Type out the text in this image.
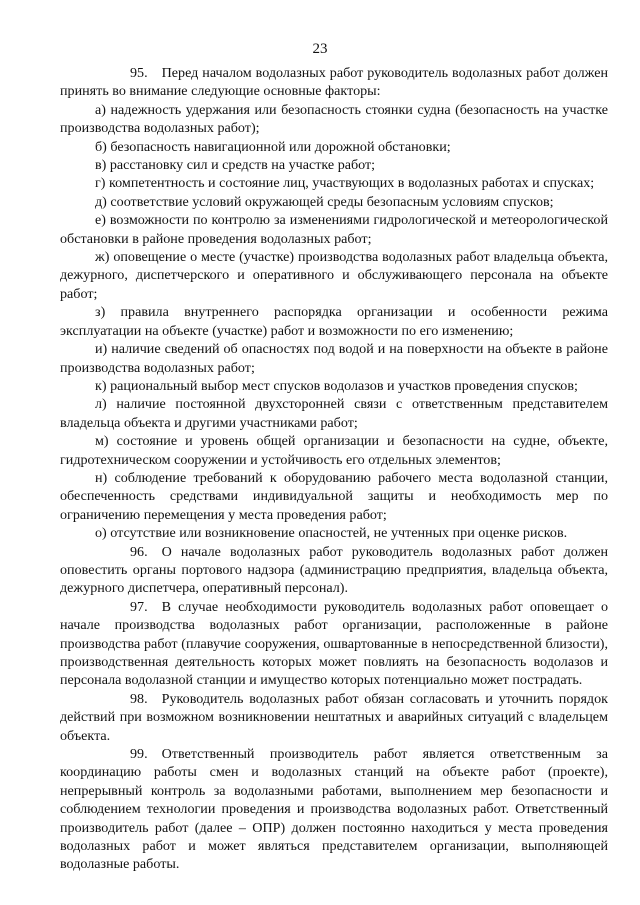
23

95. Перед началом водолазных работ руководитель водолазных работ должен принять во внимание следующие основные факторы:

а) надежность удержания или безопасность стоянки судна (безопасность на участке производства водолазных работ);

б) безопасность навигационной или дорожной обстановки;

в) расстановку сил и средств на участке работ;

г) компетентность и состояние лиц, участвующих в водолазных работах и спусках;

д) соответствие условий окружающей среды безопасным условиям спусков;

е) возможности по контролю за изменениями гидрологической и метеорологической обстановки в районе проведения водолазных работ;

ж) оповещение о месте (участке) производства водолазных работ владельца объекта, дежурного, диспетчерского и оперативного и обслуживающего персонала на объекте работ;

з) правила внутреннего распорядка организации и особенности режима эксплуатации на объекте (участке) работ и возможности по его изменению;

и) наличие сведений об опасностях под водой и на поверхности на объекте в районе производства водолазных работ;

к) рациональный выбор мест спусков водолазов и участков проведения спусков;

л) наличие постоянной двухсторонней связи с ответственным представителем владельца объекта и другими участниками работ;

м) состояние и уровень общей организации и безопасности на судне, объекте, гидротехническом сооружении и устойчивость его отдельных элементов;

н) соблюдение требований к оборудованию рабочего места водолазной станции, обеспеченность средствами индивидуальной защиты и необходимость мер по ограничению перемещения у места проведения работ;

о) отсутствие или возникновение опасностей, не учтенных при оценке рисков.

96. О начале водолазных работ руководитель водолазных работ должен оповестить органы портового надзора (администрацию предприятия, владельца объекта, дежурного диспетчера, оперативный персонал).

97. В случае необходимости руководитель водолазных работ оповещает о начале производства водолазных работ организации, расположенные в районе производства работ (плавучие сооружения, ошвартованные в непосредственной близости), производственная деятельность которых может повлиять на безопасность водолазов и персонала водолазной станции и имущество которых потенциально может пострадать.

98. Руководитель водолазных работ обязан согласовать и уточнить порядок действий при возможном возникновении нештатных и аварийных ситуаций с владельцем объекта.

99. Ответственный производитель работ является ответственным за координацию работы смен и водолазных станций на объекте работ (проекте), непрерывный контроль за водолазными работами, выполнением мер безопасности и соблюдением технологии проведения и производства водолазных работ. Ответственный производитель работ (далее – ОПР) должен постоянно находиться у места проведения водолазных работ и может являться представителем организации, выполняющей водолазные работы.
